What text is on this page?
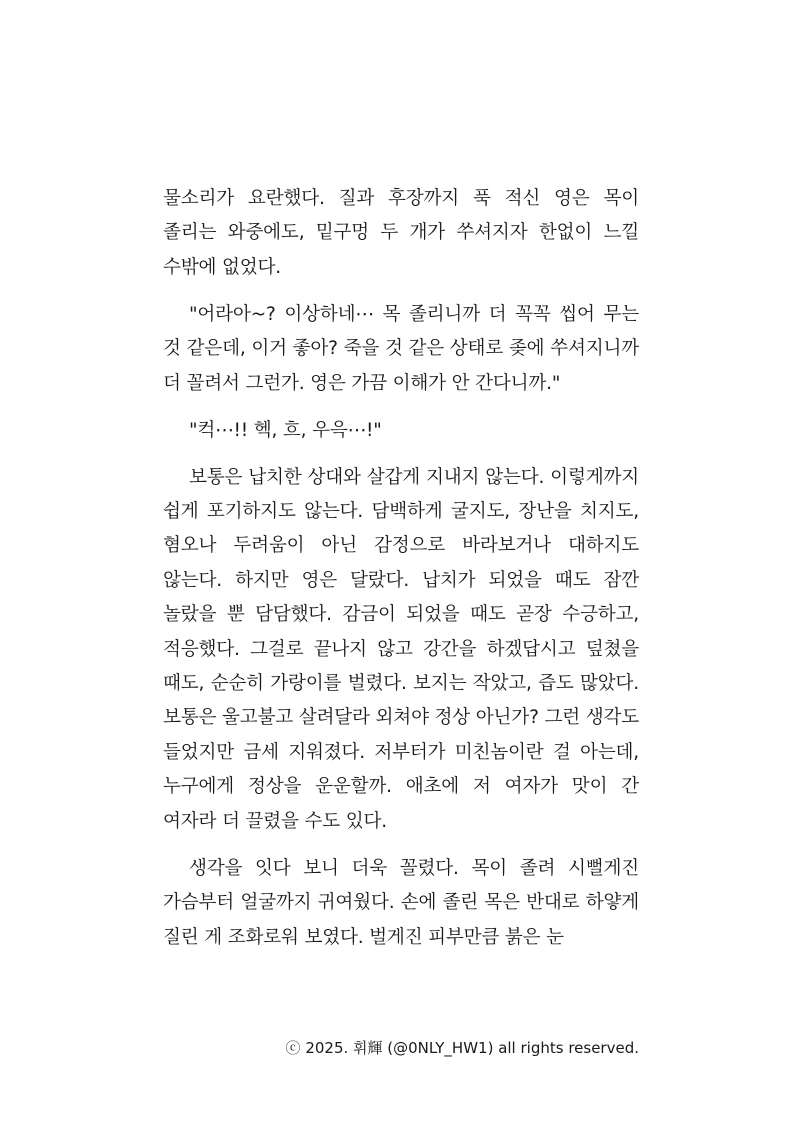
물소리가 요란했다. 질과 후장까지 푹 적신 영은 목이 졸리는 와중에도, 밑구멍 두 개가 쑤셔지자 한없이 느낄 수밖에 없었다.

"어라아~? 이상하네⋯ 목 졸리니까 더 꼭꼭 씹어 무는 것 같은데, 이거 좋아? 죽을 것 같은 상태로 좆에 쑤셔지니까 더 꼴려서 그런가. 영은 가끔 이해가 안 간다니까."

"컥⋯!! 헥, 흐, 우윽⋯!"

보통은 납치한 상대와 살갑게 지내지 않는다. 이렇게까지 쉽게 포기하지도 않는다. 담백하게 굴지도, 장난을 치지도, 혐오나 두려움이 아닌 감정으로 바라보거나 대하지도 않는다. 하지만 영은 달랐다. 납치가 되었을 때도 잠깐 놀랐을 뿐 담담했다. 감금이 되었을 때도 곧장 수긍하고, 적응했다. 그걸로 끝나지 않고 강간을 하겠답시고 덮쳤을 때도, 순순히 가랑이를 벌렸다. 보지는 작았고, 즙도 많았다. 보통은 울고불고 살려달라 외쳐야 정상 아닌가? 그런 생각도 들었지만 금세 지워졌다. 저부터가 미친놈이란 걸 아는데, 누구에게 정상을 운운할까. 애초에 저 여자가 맛이 간 여자라 더 끌렸을 수도 있다.

생각을 잇다 보니 더욱 꼴렸다. 목이 졸려 시뻘게진 가슴부터 얼굴까지 귀여웠다. 손에 졸린 목은 반대로 하얗게 질린 게 조화로워 보였다. 벌게진 피부만큼 붉은 눈

ⓒ 2025. 휘輝 (@0NLY_HW1) all rights reserved.
